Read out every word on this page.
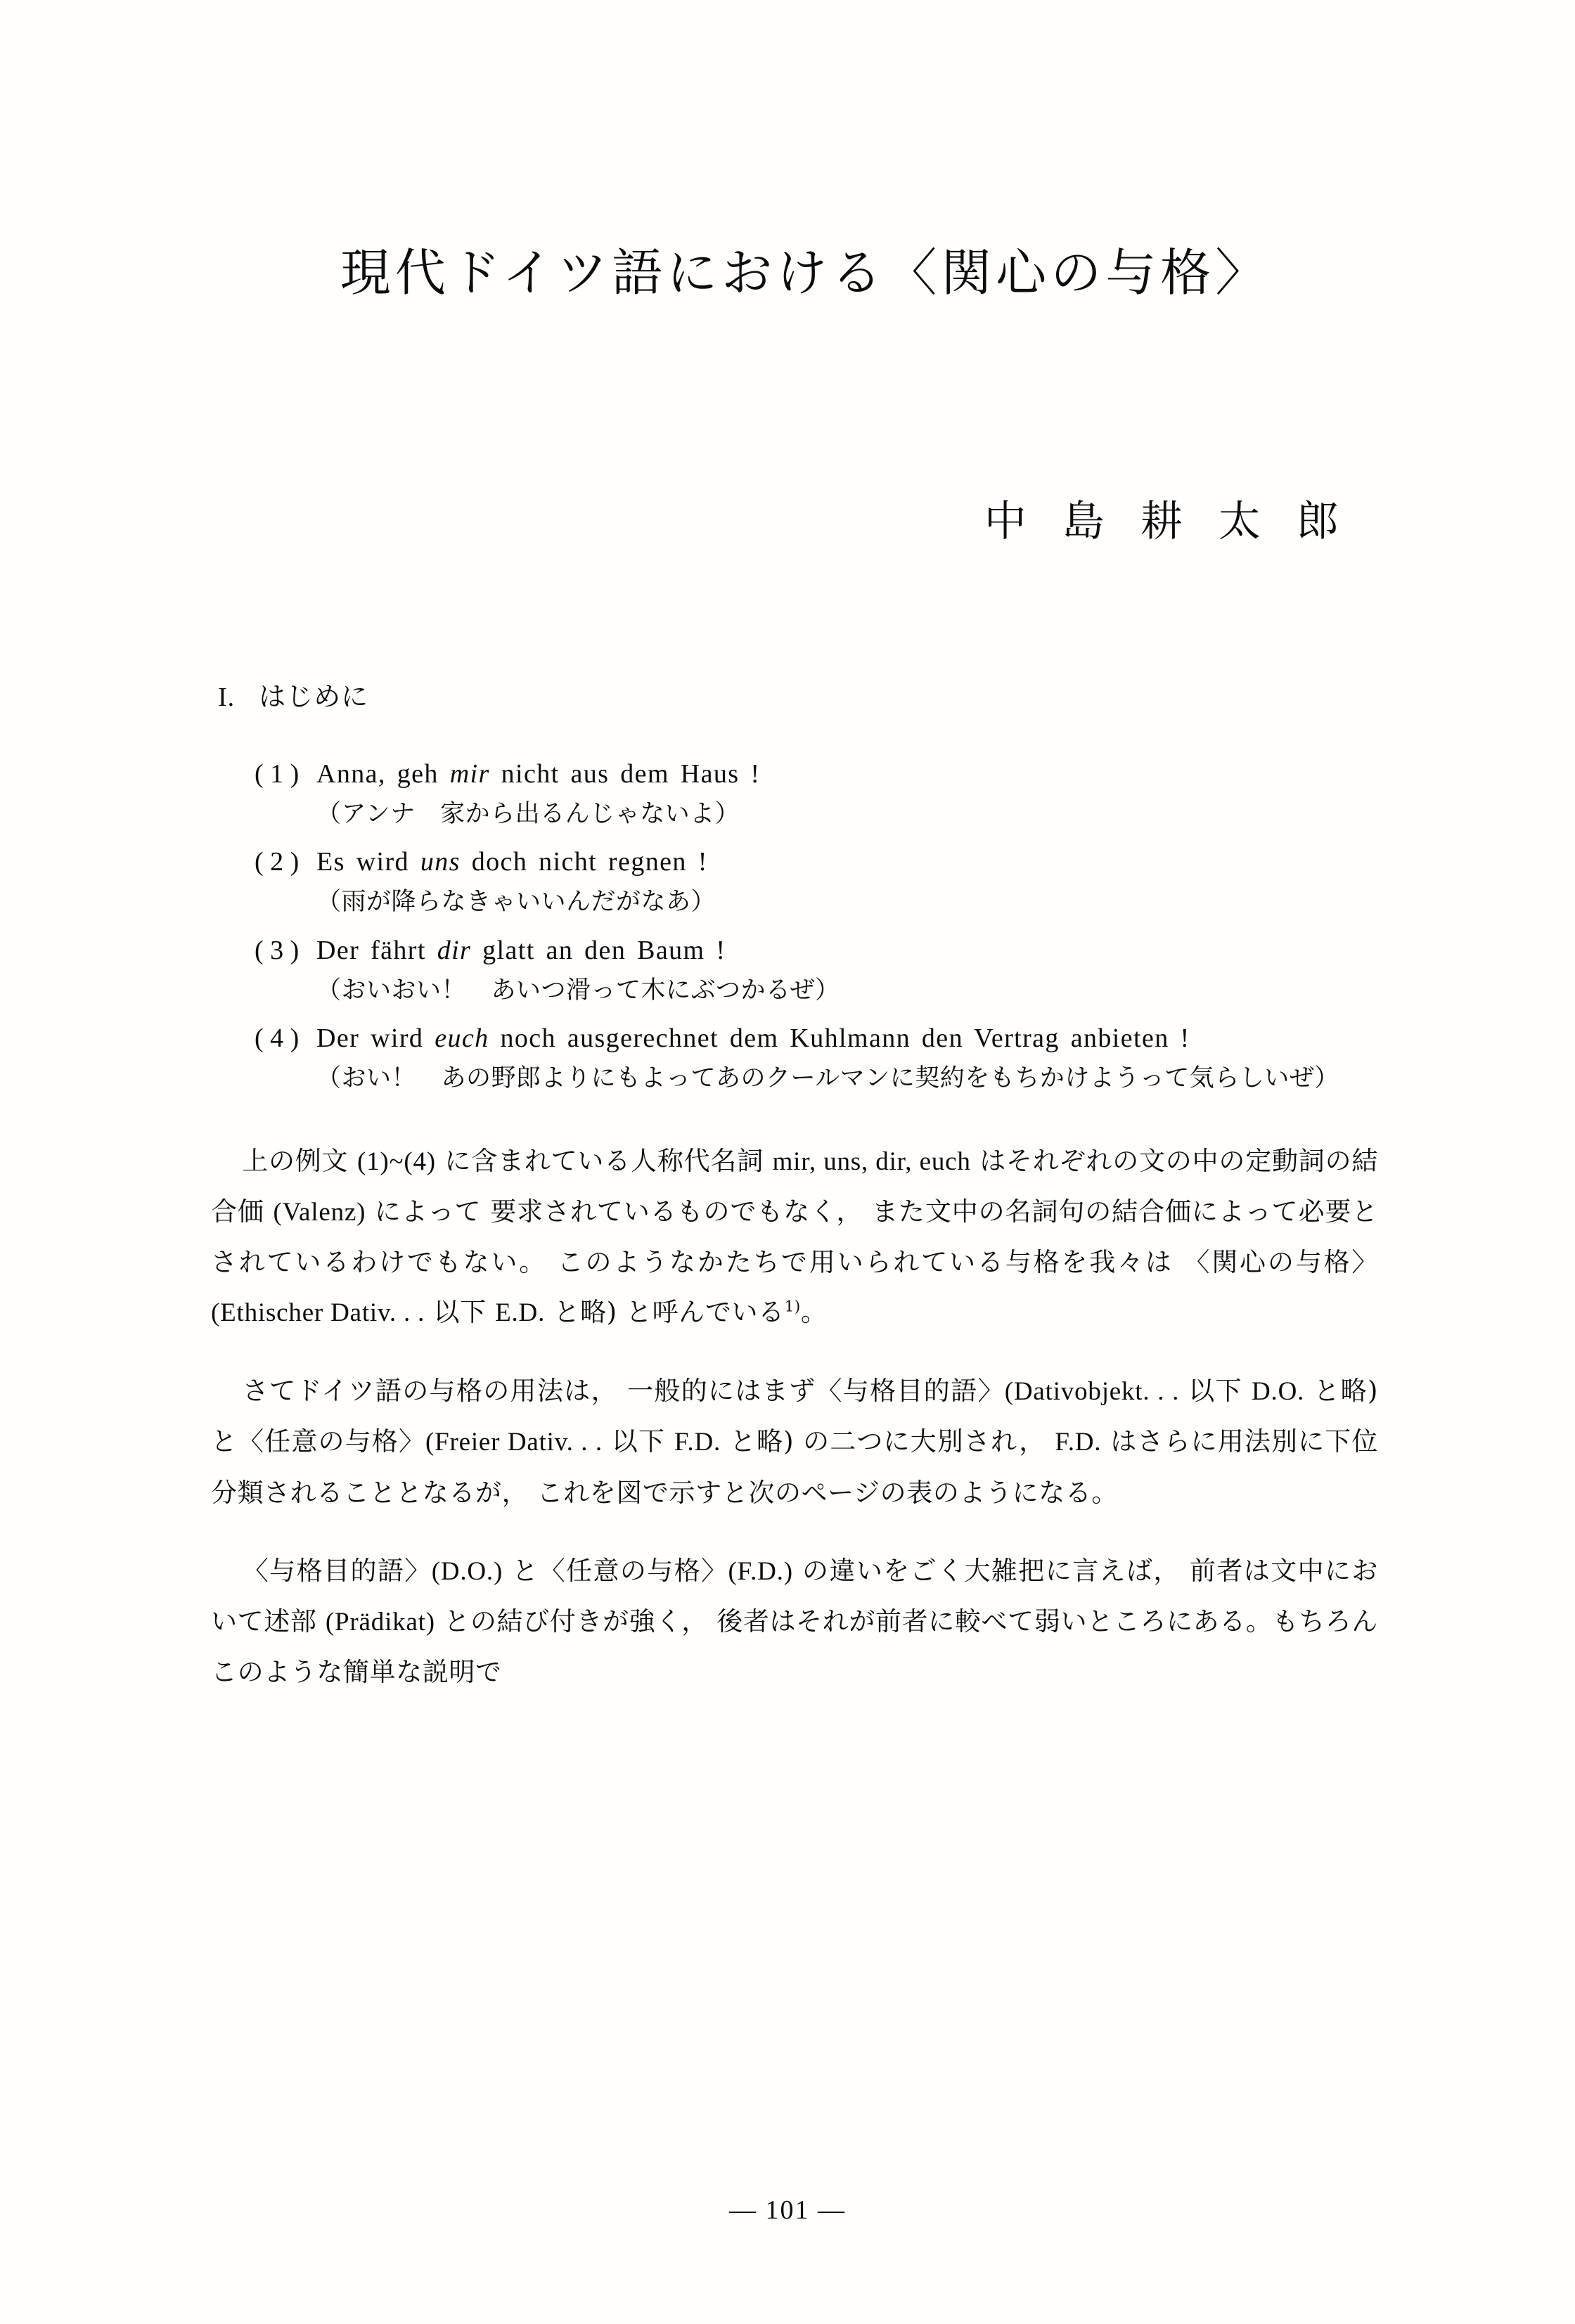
現代ドイツ語における〈関心の与格〉
中 島 耕 太 郎
I. はじめに
( 1 ) Anna, geh mir nicht aus dem Haus !
（アンナ　家から出るんじゃないよ）
( 2 ) Es wird uns doch nicht regnen !
（雨が降らなきゃいいんだがなあ）
( 3 ) Der fährt dir glatt an den Baum !
（おいおい！　あいつ滑って木にぶつかるぜ）
( 4 ) Der wird euch noch ausgerechnet dem Kuhlmann den Vertrag anbieten !
（おい！　あの野郎よりにもよってあのクールマンに契約をもちかけようって気らしいぜ）

上の例文 (1)~(4) に含まれている人称代名詞 mir, uns, dir, euch はそれぞれの文の中の定動詞の結合価 (Valenz) によって 要求されているものでもなく， また文中の名詞句の結合価によって必要とされているわけでもない。 このようなかたちで用いられている与格を我々は 〈関心の与格〉(Ethischer Dativ. . . 以下 E.D. と略) と呼んでいる$^{1)}$。

さてドイツ語の与格の用法は， 一般的にはまず〈与格目的語〉(Dativobjekt. . . 以下 D.O. と略) と〈任意の与格〉(Freier Dativ. . . 以下 F.D. と略) の二つに大別され， F.D. はさらに用法別に下位分類されることとなるが， これを図で示すと次のページの表のようになる。

〈与格目的語〉(D.O.) と〈任意の与格〉(F.D.) の違いをごく大雑把に言えば， 前者は文中において述部 (Prädikat) との結び付きが強く， 後者はそれが前者に較べて弱いところにある。もちろんこのような簡単な説明で

— 101 —
